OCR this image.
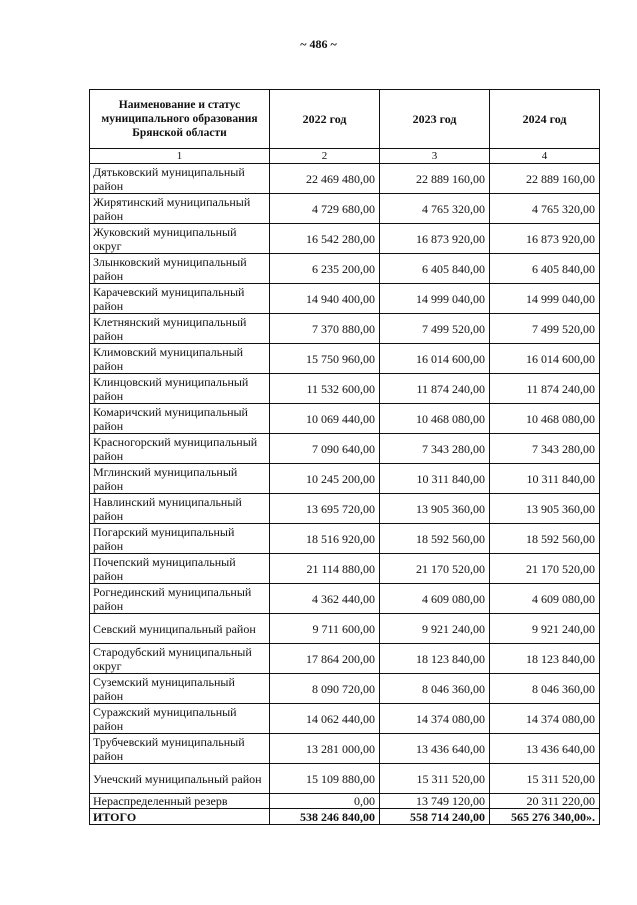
~ 486 ~
Наименование и статус муниципального образования Брянской области	2022 год	2023 год	2024 год
1	2	3	4
Дятьковский муниципальный район	22 469 480,00	22 889 160,00	22 889 160,00
Жирятинский муниципальный район	4 729 680,00	4 765 320,00	4 765 320,00
Жуковский муниципальный округ	16 542 280,00	16 873 920,00	16 873 920,00
Злынковский муниципальный район	6 235 200,00	6 405 840,00	6 405 840,00
Карачевский муниципальный район	14 940 400,00	14 999 040,00	14 999 040,00
Клетнянский муниципальный район	7 370 880,00	7 499 520,00	7 499 520,00
Климовский муниципальный район	15 750 960,00	16 014 600,00	16 014 600,00
Клинцовский муниципальный район	11 532 600,00	11 874 240,00	11 874 240,00
Комаричский муниципальный район	10 069 440,00	10 468 080,00	10 468 080,00
Красногорский муниципальный район	7 090 640,00	7 343 280,00	7 343 280,00
Мглинский муниципальный район	10 245 200,00	10 311 840,00	10 311 840,00
Навлинский муниципальный район	13 695 720,00	13 905 360,00	13 905 360,00
Погарский муниципальный район	18 516 920,00	18 592 560,00	18 592 560,00
Почепский муниципальный район	21 114 880,00	21 170 520,00	21 170 520,00
Рогнединский муниципальный район	4 362 440,00	4 609 080,00	4 609 080,00
Севский муниципальный район	9 711 600,00	9 921 240,00	9 921 240,00
Стародубский муниципальный округ	17 864 200,00	18 123 840,00	18 123 840,00
Суземский муниципальный район	8 090 720,00	8 046 360,00	8 046 360,00
Суражский муниципальный район	14 062 440,00	14 374 080,00	14 374 080,00
Трубчевский муниципальный район	13 281 000,00	13 436 640,00	13 436 640,00
Унечский муниципальный район	15 109 880,00	15 311 520,00	15 311 520,00
Нераспределенный резерв	0,00	13 749 120,00	20 311 220,00
ИТОГО	538 246 840,00	558 714 240,00	565 276 340,00».
